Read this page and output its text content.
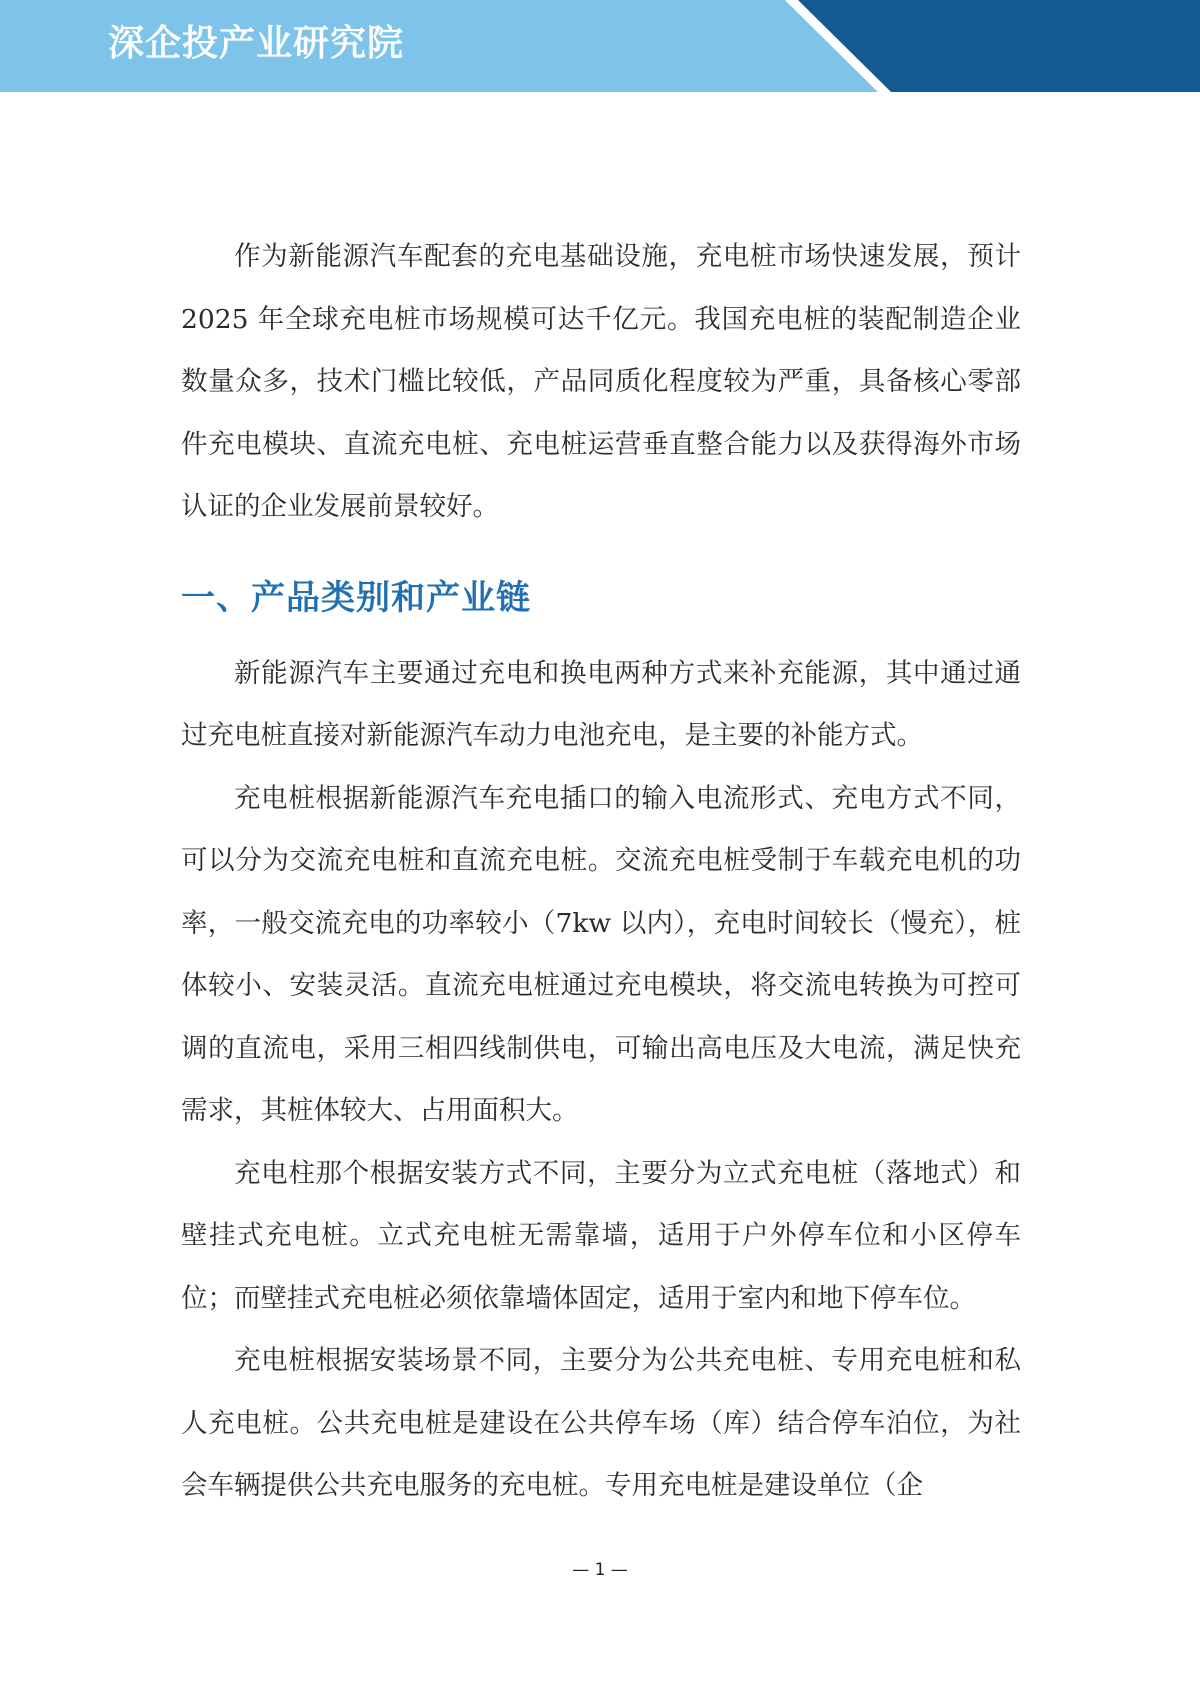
深企投产业研究院

作为新能源汽车配套的充电基础设施，充电桩市场快速发展，预计 2025 年全球充电桩市场规模可达千亿元。我国充电桩的装配制造企业数量众多，技术门槛比较低，产品同质化程度较为严重，具备核心零部件充电模块、直流充电桩、充电桩运营垂直整合能力以及获得海外市场认证的企业发展前景较好。

一、产品类别和产业链

新能源汽车主要通过充电和换电两种方式来补充能源，其中通过通过充电桩直接对新能源汽车动力电池充电，是主要的补能方式。

充电桩根据新能源汽车充电插口的输入电流形式、充电方式不同，可以分为交流充电桩和直流充电桩。交流充电桩受制于车载充电机的功率，一般交流充电的功率较小（7kw 以内），充电时间较长（慢充），桩体较小、安装灵活。直流充电桩通过充电模块，将交流电转换为可控可调的直流电，采用三相四线制供电，可输出高电压及大电流，满足快充需求，其桩体较大、占用面积大。

充电柱那个根据安装方式不同，主要分为立式充电桩（落地式）和壁挂式充电桩。立式充电桩无需靠墙，适用于户外停车位和小区停车位；而壁挂式充电桩必须依靠墙体固定，适用于室内和地下停车位。

充电桩根据安装场景不同，主要分为公共充电桩、专用充电桩和私人充电桩。公共充电桩是建设在公共停车场（库）结合停车泊位，为社会车辆提供公共充电服务的充电桩。专用充电桩是建设单位（企

— 1 —
